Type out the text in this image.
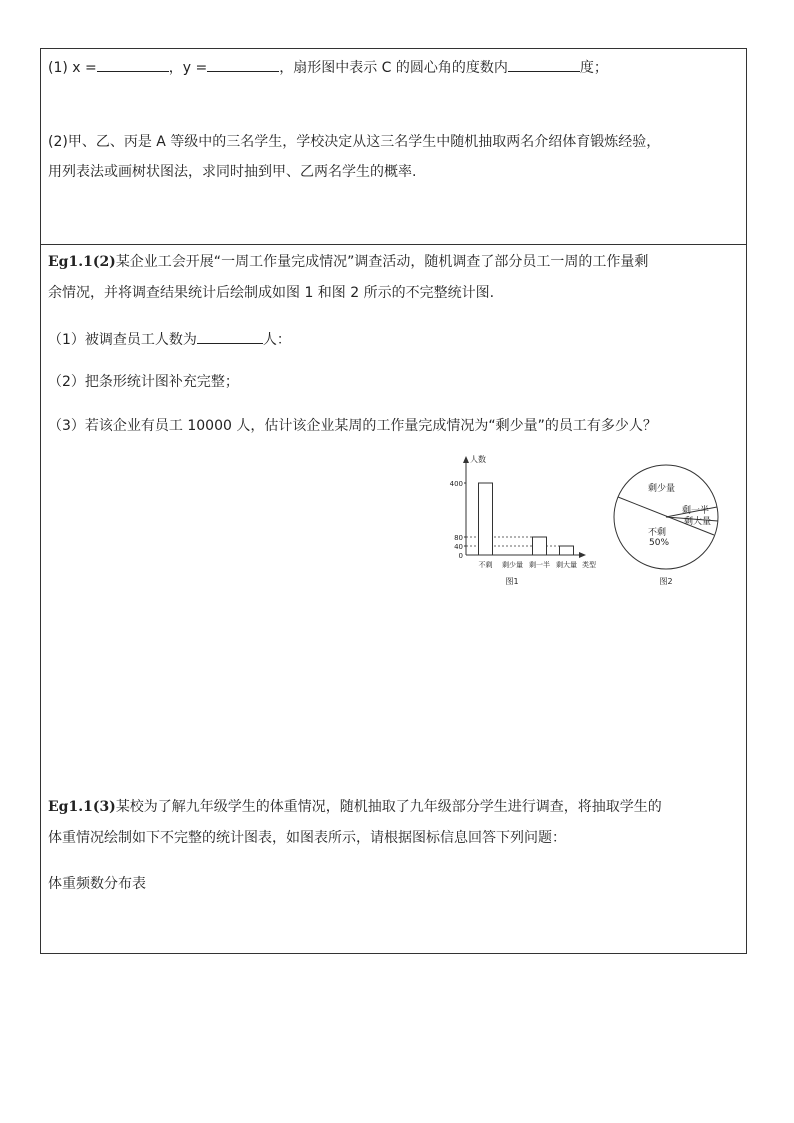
(1) x =	，y =	，扇形图中表示 C 的圆心角的度数内	度；
(2)甲、乙、丙是 A 等级中的三名学生，学校决定从这三名学生中随机抽取两名介绍体育锻炼经验，
用列表法或画树状图法，求同时抽到甲、乙两名学生的概率.
Eg1.1(2)某企业工会开展“一周工作量完成情况”调查活动，随机调查了部分员工一周的工作量剩
余情况，并将调查结果统计后绘制成如图 1 和图 2 所示的不完整统计图.
（1）被调查员工人数为	人：
（2）把条形统计图补充完整；
（3）若该企业有员工 10000 人，估计该企业某周的工作量完成情况为“剩少量”的员工有多少人？
人数
类型
0
40
80
400
不剩 剩少量 剩一半 剩大量
图1
剩少量
剩一半
剩大量
不剩
50%
图2
Eg1.1(3)某校为了解九年级学生的体重情况，随机抽取了九年级部分学生进行调查，将抽取学生的
体重情况绘制如下不完整的统计图表，如图表所示，请根据图标信息回答下列问题：
体重频数分布表
